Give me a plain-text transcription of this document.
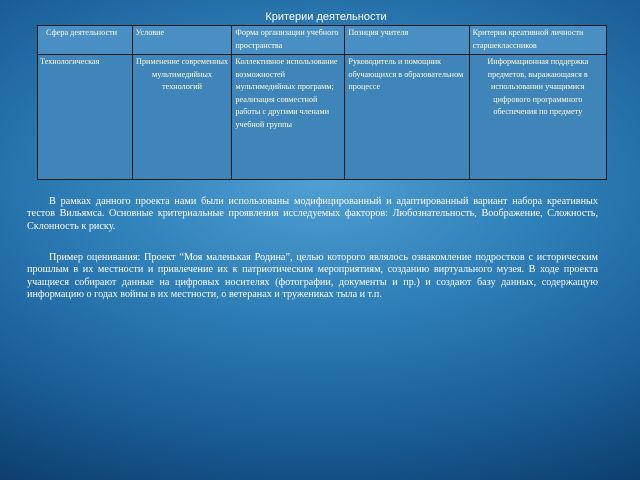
Критерии деятельности
Сфера деятельности	Условие	Форма организации учебного пространства	Позиция учителя	Критерии креативной личности старшеклассников
Технологическая	Применение современных мультимедийных технологий	Коллективное использование возможностей мультимедийных программ; реализация совместной работы с другими членами учебной группы	Руководитель и помощник обучающихся в образовательном процессе	Информационная поддержка предметов, выражающаяся в использовании учащимися цифрового программного обеспечения по предмету

В рамках данного проекта нами были использованы модифицированный и адаптированный вариант набора креативных тестов Вильямса. Основные критериальные проявления исследуемых факторов: Любознательность, Воображение, Сложность, Склонность к риску.

Пример оценивания: Проект “Моя маленькая Родина”, целью которого являлось ознакомление подростков с историческим прошлым в их местности и привлечение их к патриотическим мероприятиям, созданию виртуального музея. В ходе проекта учащиеся собирают данные на цифровых носителях (фотографии, документы и пр.) и создают базу данных, содержащую информацию о годах войны в их местности, о ветеранах и тружениках тыла и т.п.
